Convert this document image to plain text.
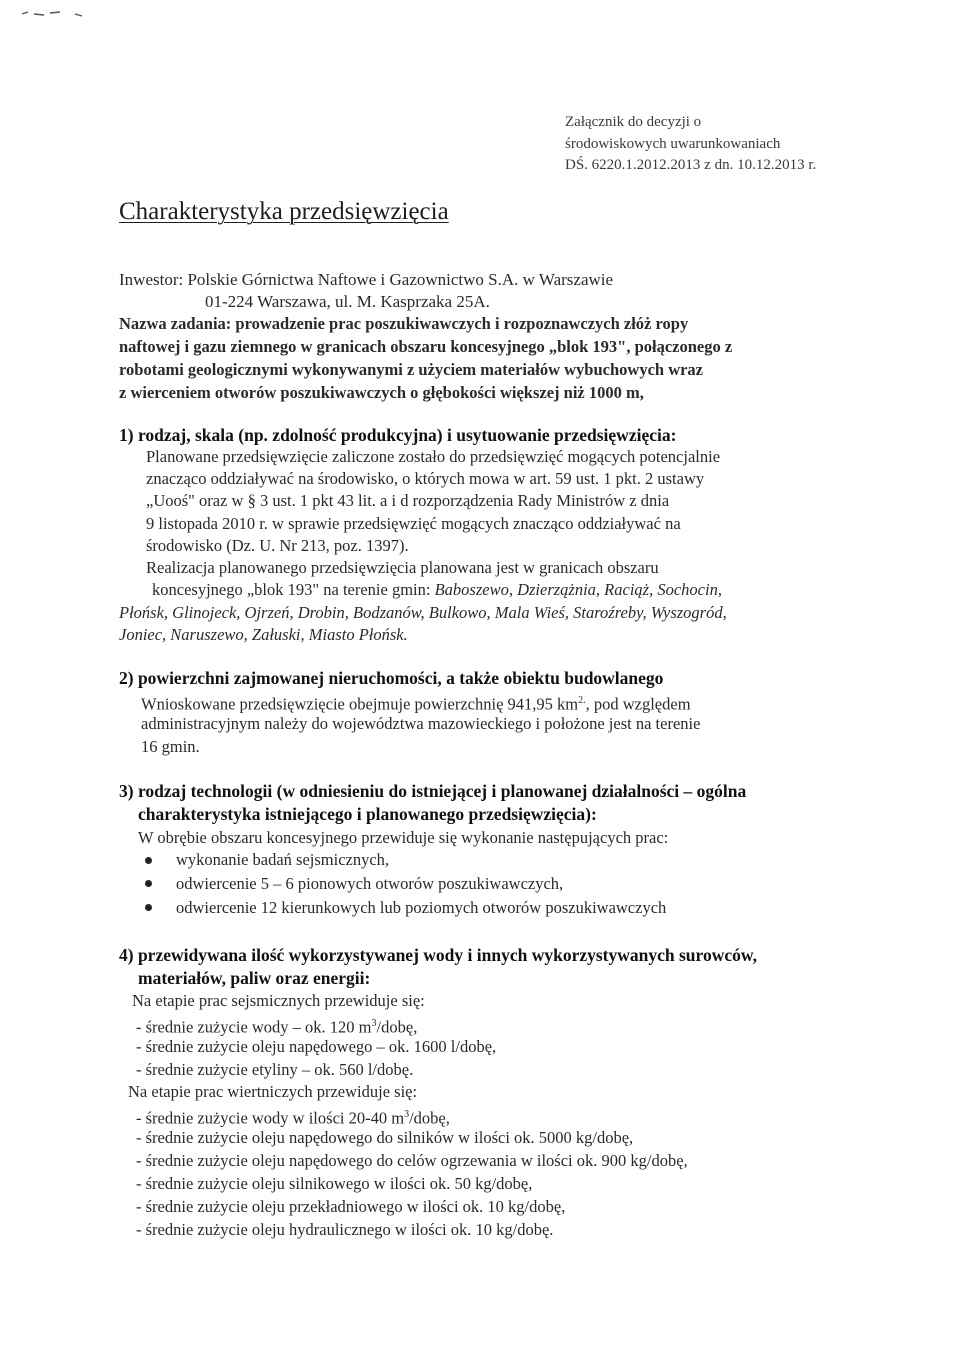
Załącznik do decyzji o
środowiskowych uwarunkowaniach
DŚ. 6220.1.2012.2013 z dn. 10.12.2013 r.
Charakterystyka przedsięwzięcia
Inwestor: Polskie Górnictwa Naftowe i Gazownictwo S.A. w Warszawie
01-224 Warszawa, ul. M. Kasprzaka 25A.
Nazwa zadania: prowadzenie prac poszukiwawczych i rozpoznawczych złóż ropy
naftowej i gazu ziemnego w granicach obszaru koncesyjnego „blok 193", połączonego z
robotami geologicznymi wykonywanymi z użyciem materiałów wybuchowych wraz
z wierceniem otworów poszukiwawczych o głębokości większej niż 1000 m,
1) rodzaj, skala (np. zdolność produkcyjna) i usytuowanie przedsięwzięcia:
Planowane przedsięwzięcie zaliczone zostało do przedsięwzięć mogących potencjalnie
znacząco oddziaływać na środowisko, o których mowa w art. 59 ust. 1 pkt. 2 ustawy
„Uooś" oraz w § 3 ust. 1 pkt 43 lit. a i d rozporządzenia Rady Ministrów z dnia
9 listopada 2010 r. w sprawie przedsięwzięć mogących znacząco oddziaływać na
środowisko (Dz. U. Nr 213, poz. 1397).
Realizacja planowanego przedsięwzięcia planowana jest w granicach obszaru
koncesyjnego „blok 193" na terenie gmin: Baboszewo, Dzierzążnia, Raciąż, Sochocin,
Płońsk, Glinojeck, Ojrzeń, Drobin, Bodzanów, Bulkowo, Mala Wieś, Staroźreby, Wyszogród,
Joniec, Naruszewo, Załuski, Miasto Płońsk.
2) powierzchni zajmowanej nieruchomości, a także obiektu budowlanego
Wnioskowane przedsięwzięcie obejmuje powierzchnię 941,95 $km^{2.}$, pod względem
administracyjnym należy do województwa mazowieckiego i położone jest na terenie
16 gmin.
3) rodzaj technologii (w odniesieniu do istniejącej i planowanej działalności – ogólna
charakterystyka istniejącego i planowanego przedsięwzięcia):
W obrębie obszaru koncesyjnego przewiduje się wykonanie następujących prac:
wykonanie badań sejsmicznych,
odwiercenie 5 – 6 pionowych otworów poszukiwawczych,
odwiercenie 12 kierunkowych lub poziomych otworów poszukiwawczych
4) przewidywana ilość wykorzystywanej wody i innych wykorzystywanych surowców,
materiałów, paliw oraz energii:
Na etapie prac sejsmicznych przewiduje się:
- średnie zużycie wody – ok. 120 $m^3$/dobę,
- średnie zużycie oleju napędowego – ok. 1600 l/dobę,
- średnie zużycie etyliny – ok. 560 l/dobę.
Na etapie prac wiertniczych przewiduje się:
- średnie zużycie wody w ilości 20-40 $m^3$/dobę,
- średnie zużycie oleju napędowego do silników w ilości ok. 5000 kg/dobę,
- średnie zużycie oleju napędowego do celów ogrzewania w ilości ok. 900 kg/dobę,
- średnie zużycie oleju silnikowego w ilości ok. 50 kg/dobę,
- średnie zużycie oleju przekładniowego w ilości ok. 10 kg/dobę,
- średnie zużycie oleju hydraulicznego w ilości ok. 10 kg/dobę.
